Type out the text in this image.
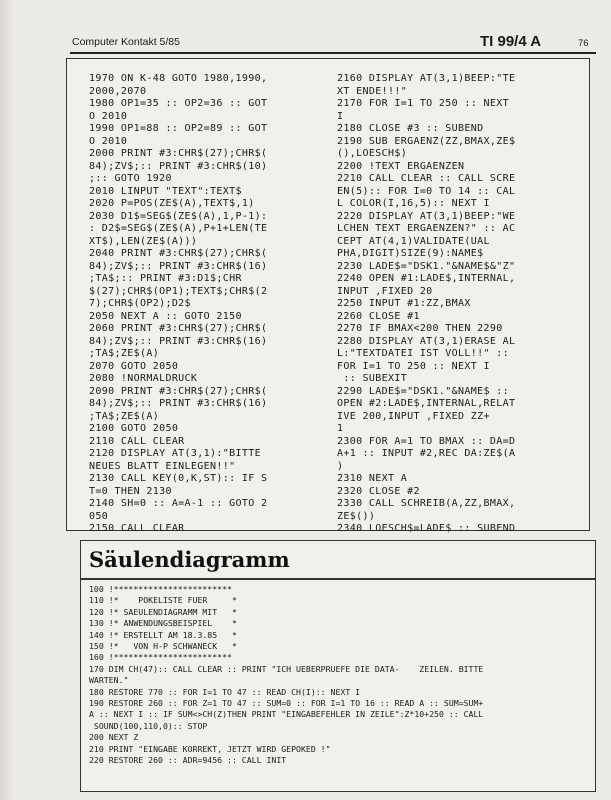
Computer Kontakt 5/85	TI 99/4 A	76
1970 ON K-48 GOTO 1980,1990,
2000,2070
1980 OP1=35 :: OP2=36 :: GOT
O 2010
1990 OP1=88 :: OP2=89 :: GOT
O 2010
2000 PRINT #3:CHR$(27);CHR$(
84);ZV$;:: PRINT #3:CHR$(10)
;:: GOTO 1920
2010 LINPUT "TEXT":TEXT$
2020 P=POS(ZE$(A),TEXT$,1)
2030 D1$=SEG$(ZE$(A),1,P-1):
: D2$=SEG$(ZE$(A),P+1+LEN(TE
XT$),LEN(ZE$(A)))
2040 PRINT #3:CHR$(27);CHR$(
84);ZV$;:: PRINT #3:CHR$(16)
;TA$;:: PRINT #3:D1$;CHR
$(27);CHR$(OP1);TEXT$;CHR$(2
7);CHR$(OP2);D2$
2050 NEXT A :: GOTO 2150
2060 PRINT #3:CHR$(27);CHR$(
84);ZV$;:: PRINT #3:CHR$(16)
;TA$;ZE$(A)
2070 GOTO 2050
2080 !NORMALDRUCK
2090 PRINT #3:CHR$(27);CHR$(
84);ZV$;:: PRINT #3:CHR$(16)
;TA$;ZE$(A)
2100 GOTO 2050
2110 CALL CLEAR
2120 DISPLAY AT(3,1):"BITTE
NEUES BLATT EINLEGEN!!"
2130 CALL KEY(0,K,ST):: IF S
T=0 THEN 2130
2140 SH=0 :: A=A-1 :: GOTO 2
050
2150 CALL CLEAR
2160 DISPLAY AT(3,1)BEEP:"TE
XT ENDE!!!"
2170 FOR I=1 TO 250 :: NEXT
I
2180 CLOSE #3 :: SUBEND
2190 SUB ERGAENZ(ZZ,BMAX,ZE$
(),LOESCH$)
2200 !TEXT ERGAENZEN
2210 CALL CLEAR :: CALL SCRE
EN(5):: FOR I=0 TO 14 :: CAL
L COLOR(I,16,5):: NEXT I
2220 DISPLAY AT(3,1)BEEP:"WE
LCHEN TEXT ERGAENZEN?" :: AC
CEPT AT(4,1)VALIDATE(UAL
PHA,DIGIT)SIZE(9):NAME$
2230 LADE$="DSK1."&NAME$&"Z"
2240 OPEN #1:LADE$,INTERNAL,
INPUT ,FIXED 20
2250 INPUT #1:ZZ,BMAX
2260 CLOSE #1
2270 IF BMAX<200 THEN 2290
2280 DISPLAY AT(3,1)ERASE AL
L:"TEXTDATEI IST VOLL!!" ::
FOR I=1 TO 250 :: NEXT I
:: SUBEXIT
2290 LADE$="DSK1."&NAME$ ::
OPEN #2:LADE$,INTERNAL,RELAT
IVE 200,INPUT ,FIXED ZZ+
1
2300 FOR A=1 TO BMAX :: DA=D
A+1 :: INPUT #2,REC DA:ZE$(A
)
2310 NEXT A
2320 CLOSE #2
2330 CALL SCHREIB(A,ZZ,BMAX,
ZE$())
2340 LOESCH$=LADE$ :: SUBEND
Säulendiagramm
100 !************************
110 !*    POKELISTE FUER     *
120 !* SAEULENDIAGRAMM MIT   *
130 !* ANWENDUNGSBEISPIEL    *
140 !* ERSTELLT AM 18.3.85   *
150 !*   VON H-P SCHWANECK   *
160 !************************
170 DIM CH(47):: CALL CLEAR :: PRINT "ICH UEBERPRUEFE DIE DATA-    ZEILEN. BITTE
WARTEN."
180 RESTORE 770 :: FOR I=1 TO 47 :: READ CH(I):: NEXT I
190 RESTORE 260 :: FOR Z=1 TO 47 :: SUM=0 :: FOR I=1 TO 16 :: READ A :: SUM=SUM+
A :: NEXT I :: IF SUM<>CH(Z)THEN PRINT "EINGABEFEHLER IN ZEILE":Z*10+250 :: CALL
SOUND(100,110,0):: STOP
200 NEXT Z
210 PRINT "EINGABE KORREKT, JETZT WIRD GEPOKED !"
220 RESTORE 260 :: ADR=9456 :: CALL INIT
